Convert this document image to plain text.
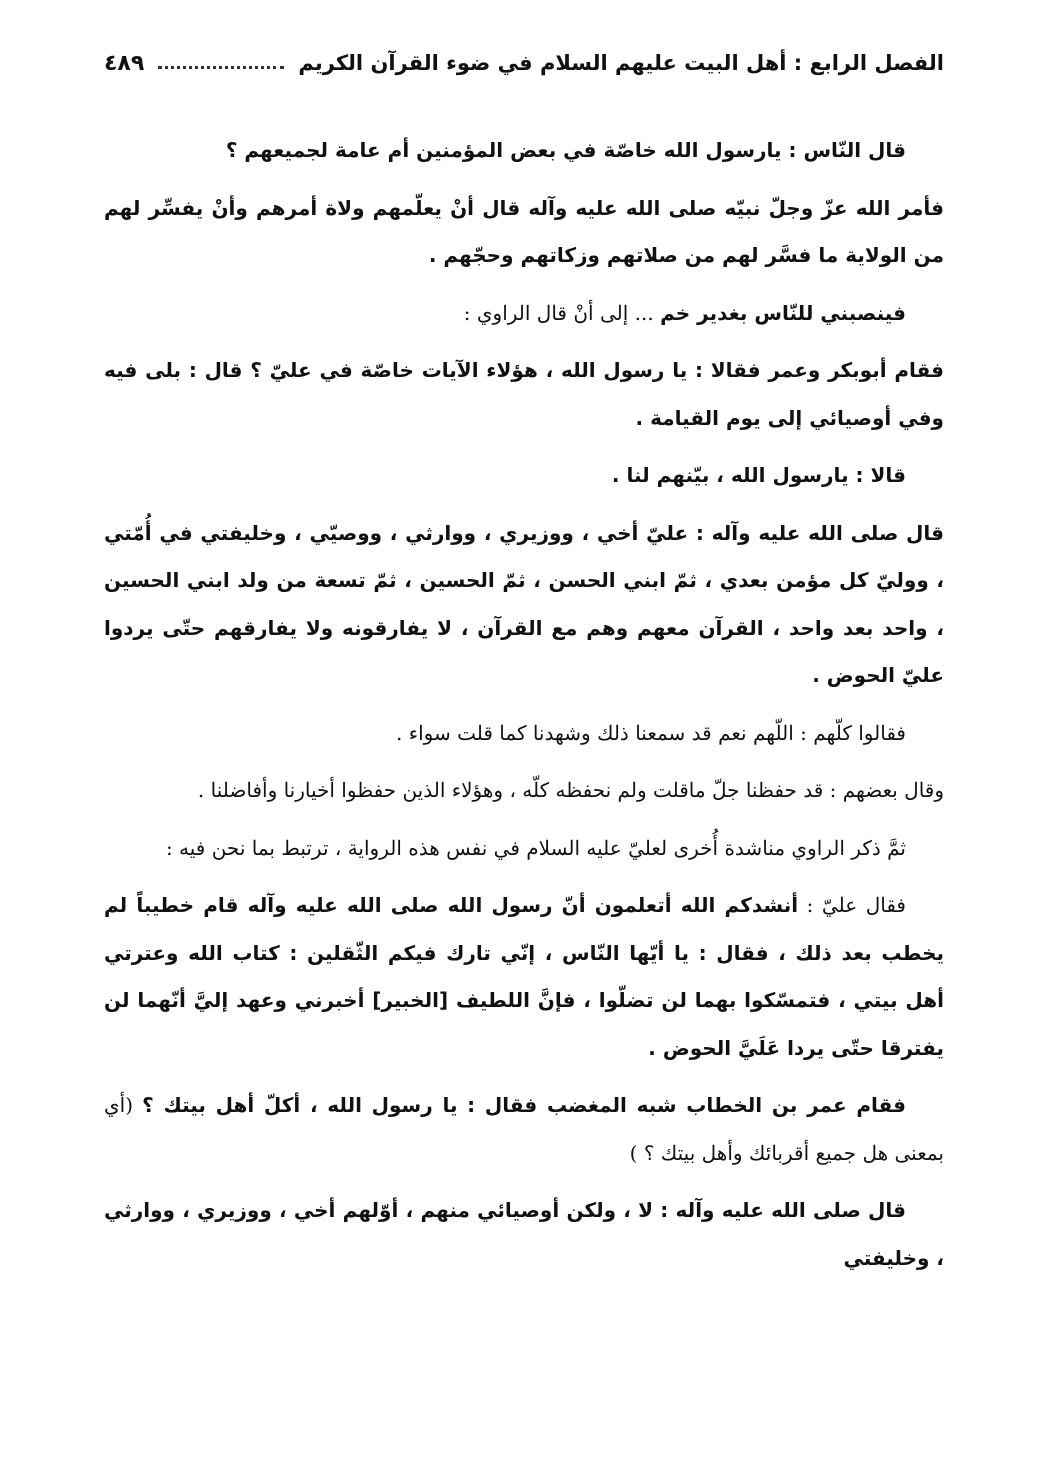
الفصل الرابع : أهل البيت عليهم السلام في ضوء القرآن الكريم
٤٨٩

قال النّاس : يارسول الله خاصّة في بعض المؤمنين أم عامة لجميعهم ؟

فأمر الله عزّ وجلّ نبيّه صلى الله عليه وآله قال أنْ يعلّمهم ولاة أمرهم وأنْ يفسِّر لهم من الولاية ما فسَّر لهم من صلاتهم وزكاتهم وحجّهم .

فينصبني للنّاس بغدير خم ... إلى أنْ قال الراوي :

فقام أبوبكر وعمر فقالا : يا رسول الله ، هؤلاء الآيات خاصّة في عليّ ؟ قال : بلى فيه وفي أوصيائي إلى يوم القيامة .

قالا : يارسول الله ، بيّنهم لنا .

قال صلى الله عليه وآله : عليّ أخي ، ووزيري ، ووارثي ، ووصيّي ، وخليفتي في أُمّتي ، ووليّ كل مؤمن بعدي ، ثمّ ابني الحسن ، ثمّ الحسين ، ثمّ تسعة من ولد ابني الحسين ، واحد بعد واحد ، القرآن معهم وهم مع القرآن ، لا يفارقونه ولا يفارقهم حتّى يردوا عليّ الحوض .

فقالوا كلّهم : اللّهم نعم قد سمعنا ذلك وشهدنا كما قلت سواء .

وقال بعضهم : قد حفظنا جلّ ماقلت ولم نحفظه كلّه ، وهؤلاء الذين حفظوا أخيارنا وأفاضلنا .

ثمَّ ذكر الراوي مناشدة أُخرى لعليّ عليه السلام في نفس هذه الرواية ، ترتبط بما نحن فيه :

فقال عليّ : أنشدكم الله أتعلمون أنّ رسول الله صلى الله عليه وآله قام خطيباً لم يخطب بعد ذلك ، فقال : يا أيّها النّاس ، إنّي تارك فيكم الثّقلين : كتاب الله وعترتي أهل بيتي ، فتمسّكوا بهما لن تضلّوا ، فإنَّ اللطيف [الخبير] أخبرني وعهد إليَّ أنّهما لن يفترقا حتّى يردا عَلَيَّ الحوض .

فقام عمر بن الخطاب شبه المغضب فقال : يا رسول الله ، أكلّ أهل بيتك ؟ (أي بمعنى هل جميع أقربائك وأهل بيتك ؟ )

قال صلى الله عليه وآله : لا ، ولكن أوصيائي منهم ، أوّلهم أخي ، ووزيري ، ووارثي ، وخليفتي
